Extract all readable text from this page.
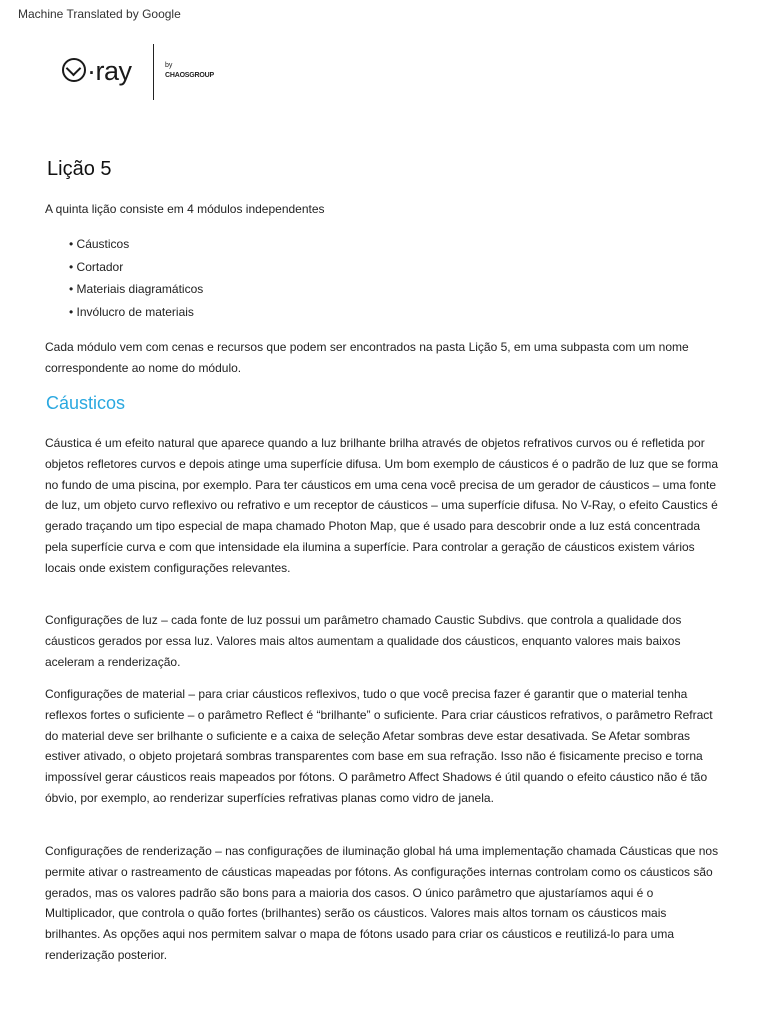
Machine Translated by Google
·ray	by
CHAOSGROUP
Lição 5
A quinta lição consiste em 4 módulos independentes
• Cáusticos
• Cortador
• Materiais diagramáticos
• Invólucro de materiais

Cada módulo vem com cenas e recursos que podem ser encontrados na pasta Lição 5, em uma subpasta com um nome correspondente ao nome do módulo.

Cáusticos

Cáustica é um efeito natural que aparece quando a luz brilhante brilha através de objetos refrativos curvos ou é refletida por objetos refletores curvos e depois atinge uma superfície difusa. Um bom exemplo de cáusticos é o padrão de luz que se forma no fundo de uma piscina, por exemplo. Para ter cáusticos em uma cena você precisa de um gerador de cáusticos – uma fonte de luz, um objeto curvo reflexivo ou refrativo e um receptor de cáusticos – uma superfície difusa. No V-Ray, o efeito Caustics é gerado traçando um tipo especial de mapa chamado Photon Map, que é usado para descobrir onde a luz está concentrada pela superfície curva e com que intensidade ela ilumina a superfície. Para controlar a geração de cáusticos existem vários locais onde existem configurações relevantes.

Configurações de luz – cada fonte de luz possui um parâmetro chamado Caustic Subdivs. que controla a qualidade dos cáusticos gerados por essa luz. Valores mais altos aumentam a qualidade dos cáusticos, enquanto valores mais baixos aceleram a renderização.

Configurações de material – para criar cáusticos reflexivos, tudo o que você precisa fazer é garantir que o material tenha reflexos fortes o suficiente – o parâmetro Reflect é “brilhante” o suficiente. Para criar cáusticos refrativos, o parâmetro Refract do material deve ser brilhante o suficiente e a caixa de seleção Afetar sombras deve estar desativada. Se Afetar sombras estiver ativado, o objeto projetará sombras transparentes com base em sua refração. Isso não é fisicamente preciso e torna impossível gerar cáusticos reais mapeados por fótons. O parâmetro Affect Shadows é útil quando o efeito cáustico não é tão óbvio, por exemplo, ao renderizar superfícies refrativas planas como vidro de janela.

Configurações de renderização – nas configurações de iluminação global há uma implementação chamada Cáusticas que nos permite ativar o rastreamento de cáusticas mapeadas por fótons. As configurações internas controlam como os cáusticos são gerados, mas os valores padrão são bons para a maioria dos casos. O único parâmetro que ajustaríamos aqui é o Multiplicador, que controla o quão fortes (brilhantes) serão os cáusticos. Valores mais altos tornam os cáusticos mais brilhantes. As opções aqui nos permitem salvar o mapa de fótons usado para criar os cáusticos e reutilizá-lo para uma renderização posterior.
